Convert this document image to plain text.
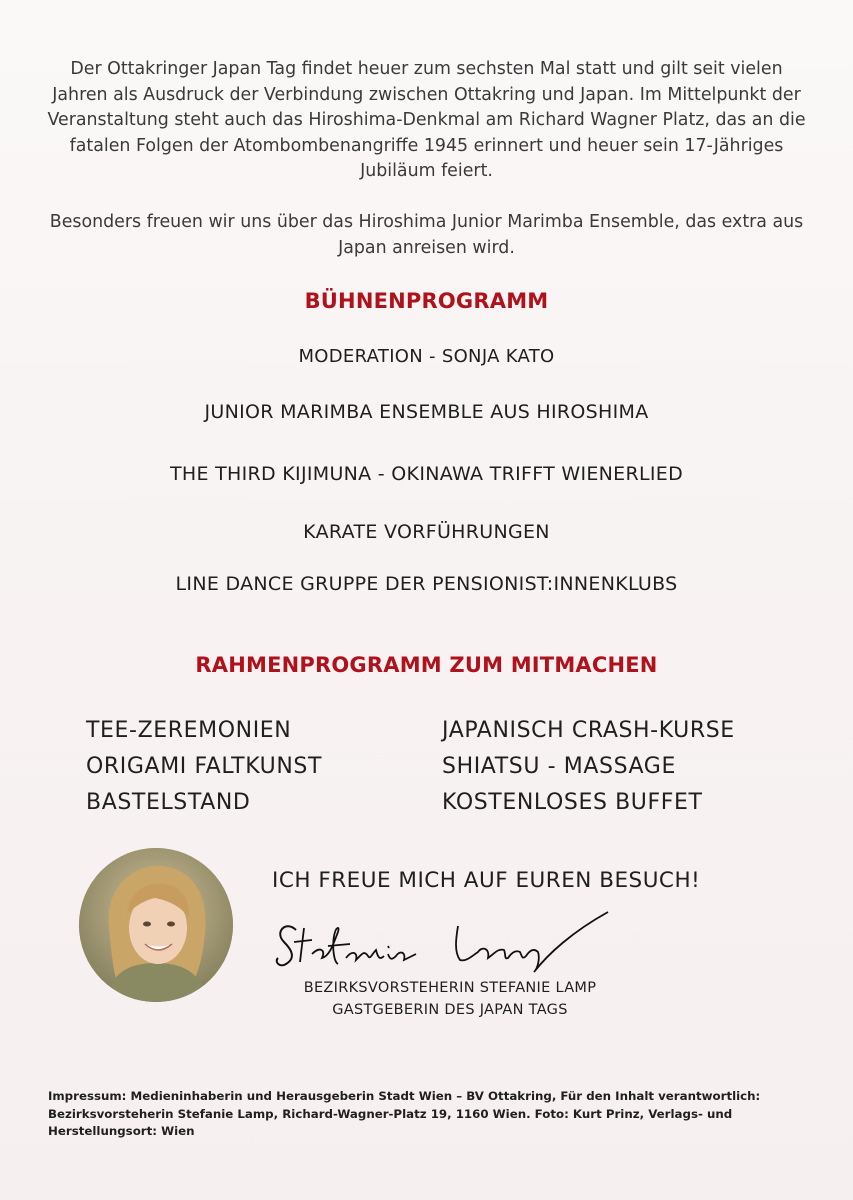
Der Ottakringer Japan Tag findet heuer zum sechsten Mal statt und gilt seit vielen Jahren als Ausdruck der Verbindung zwischen Ottakring und Japan. Im Mittelpunkt der Veranstaltung steht auch das Hiroshima-Denkmal am Richard Wagner Platz, das an die fatalen Folgen der Atombombenangriffe 1945 erinnert und heuer sein 17-Jähriges Jubiläum feiert.

Besonders freuen wir uns über das Hiroshima Junior Marimba Ensemble, das extra aus Japan anreisen wird.

BÜHNENPROGRAMM

MODERATION - SONJA KATO

JUNIOR MARIMBA ENSEMBLE AUS HIROSHIMA

THE THIRD KIJIMUNA - OKINAWA TRIFFT WIENERLIED

KARATE VORFÜHRUNGEN

LINE DANCE GRUPPE DER PENSIONIST:INNENKLUBS

RAHMENPROGRAMM ZUM MITMACHEN
TEE-ZEREMONIEN
ORIGAMI FALTKUNST
BASTELSTAND
JAPANISCH CRASH-KURSE
SHIATSU - MASSAGE
KOSTENLOSES BUFFET

ICH FREUE MICH AUF EUREN BESUCH!

BEZIRKSVORSTEHERIN STEFANIE LAMP

GASTGEBERIN DES JAPAN TAGS

Impressum: Medieninhaberin und Herausgeberin Stadt Wien – BV Ottakring, Für den Inhalt verantwortlich: Bezirksvorsteherin Stefanie Lamp, Richard-Wagner-Platz 19, 1160 Wien. Foto: Kurt Prinz, Verlags- und Herstellungsort: Wien
